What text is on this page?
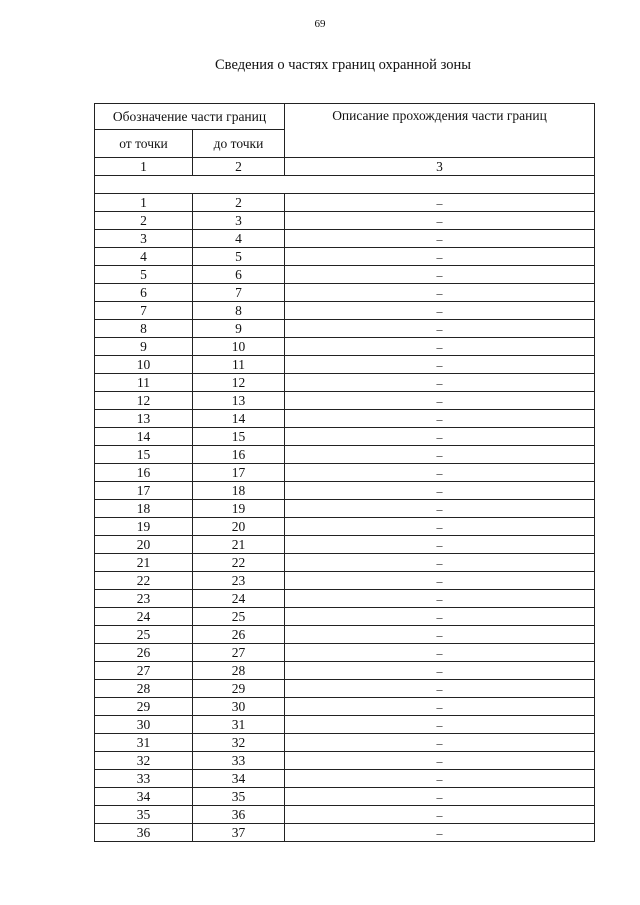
69
Сведения о частях границ охранной зоны
Обозначение части границ		Описание прохождения части границ
от точки	до точки	
1	2	3

1	2	–
2	3	–
3	4	–
4	5	–
5	6	–
6	7	–
7	8	–
8	9	–
9	10	–
10	11	–
11	12	–
12	13	–
13	14	–
14	15	–
15	16	–
16	17	–
17	18	–
18	19	–
19	20	–
20	21	–
21	22	–
22	23	–
23	24	–
24	25	–
25	26	–
26	27	–
27	28	–
28	29	–
29	30	–
30	31	–
31	32	–
32	33	–
33	34	–
34	35	–
35	36	–
36	37	–
